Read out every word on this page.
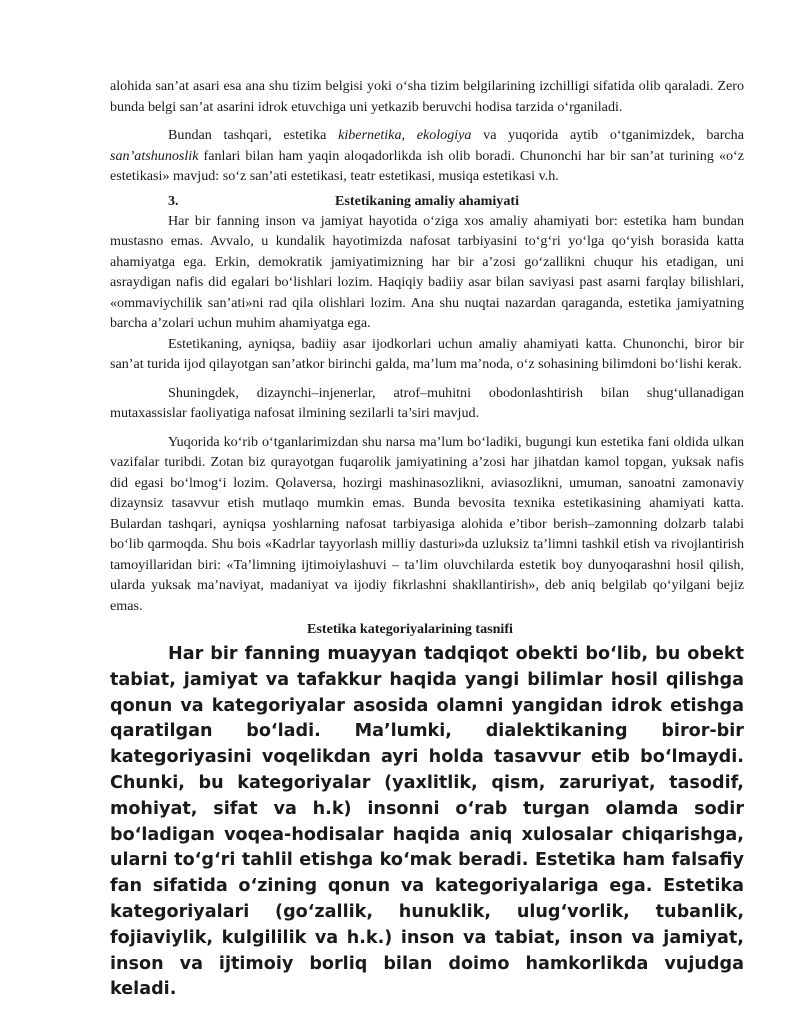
alohida san’at asari esa ana shu tizim belgisi yoki o‘sha tizim belgilarining izchilligi sifatida olib qaraladi. Zero bunda belgi san’at asarini idrok etuvchiga uni yetkazib beruvchi hodisa tarzida o‘rganiladi.

Bundan tashqari, estetika kibernetika, ekologiya va yuqorida aytib o‘tganimizdek, barcha san’atshunoslik fanlari bilan ham yaqin aloqadorlikda ish olib boradi. Chunonchi har bir san’at turining «o‘z estetikasi» mavjud: so‘z san’ati estetikasi, teatr estetikasi, musiqa estetikasi v.h.

3.	Estetikaning amaliy ahamiyati

Har bir fanning inson va jamiyat hayotida o‘ziga xos amaliy ahamiyati bor: estetika ham bundan mustasno emas. Avvalo, u kundalik hayotimizda nafosat tarbiyasini to‘g‘ri yo‘lga qo‘yish borasida katta ahamiyatga ega. Erkin, demokratik jamiyatimizning har bir a’zosi go‘zallikni chuqur his etadigan, uni asraydigan nafis did egalari bo‘lishlari lozim. Haqiqiy badiiy asar bilan saviyasi past asarni farqlay bilishlari, «ommaviychilik san’ati»ni rad qila olishlari lozim. Ana shu nuqtai nazardan qaraganda, estetika jamiyatning barcha a’zolari uchun muhim ahamiyatga ega.

Estetikaning, ayniqsa, badiiy asar ijodkorlari uchun amaliy ahamiyati katta. Chunonchi, biror bir san’at turida ijod qilayotgan san’atkor birinchi galda, ma’lum ma’noda, o‘z sohasining bilimdoni bo‘lishi kerak.

Shuningdek, dizaynchi–injenerlar, atrof–muhitni obodonlashtirish bilan shug‘ullanadigan mutaxassislar faoliyatiga nafosat ilmining sezilarli ta’siri mavjud.

Yuqorida ko‘rib o‘tganlarimizdan shu narsa ma’lum bo‘ladiki, bugungi kun estetika fani oldida ulkan vazifalar turibdi. Zotan biz qurayotgan fuqarolik jamiyatining a’zosi har jihatdan kamol topgan, yuksak nafis did egasi bo‘lmog‘i lozim. Qolaversa, hozirgi mashinasozlikni, aviasozlikni, umuman, sanoatni zamonaviy dizaynsiz tasavvur etish mutlaqo mumkin emas. Bunda bevosita texnika estetikasining ahamiyati katta. Bulardan tashqari, ayniqsa yoshlarning nafosat tarbiyasiga alohida e’tibor berish–zamonning dolzarb talabi bo‘lib qarmoqda. Shu bois «Kadrlar tayyorlash milliy dasturi»da uzluksiz ta’limni tashkil etish va rivojlantirish tamoyillaridan biri: «Ta’limning ijtimoiylashuvi – ta’lim oluvchilarda estetik boy dunyoqarashni hosil qilish, ularda yuksak ma’naviyat, madaniyat va ijodiy fikrlashni shakllantirish», deb aniq belgilab qo‘yilgani bejiz emas.

Estetika kategoriyalarining tasnifi

Har bir fanning muayyan tadqiqot obekti bo‘lib, bu obekt tabiat, jamiyat va tafakkur haqida yangi bilimlar hosil qilishga qonun va kategoriyalar asosida olamni yangidan idrok etishga qaratilgan bo‘ladi. Ma’lumki, dialektikaning biror-bir kategoriyasini voqelikdan ayri holda tasavvur etib bo‘lmaydi. Chunki, bu kategoriyalar (yaxlitlik, qism, zaruriyat, tasodif, mohiyat, sifat va h.k) insonni o‘rab turgan olamda sodir bo‘ladigan voqea-hodisalar haqida aniq xulosalar chiqarishga, ularni to‘g‘ri tahlil etishga ko‘mak beradi. Estetika ham falsafiy fan sifatida o‘zining qonun va kategoriyalariga ega. Estetika kategoriyalari (go‘zallik, hunuklik, ulug‘vorlik, tubanlik, fojiaviylik, kulgililik va h.k.) inson va tabiat, inson va jamiyat, inson va ijtimoiy borliq bilan doimo hamkorlikda vujudga keladi.
